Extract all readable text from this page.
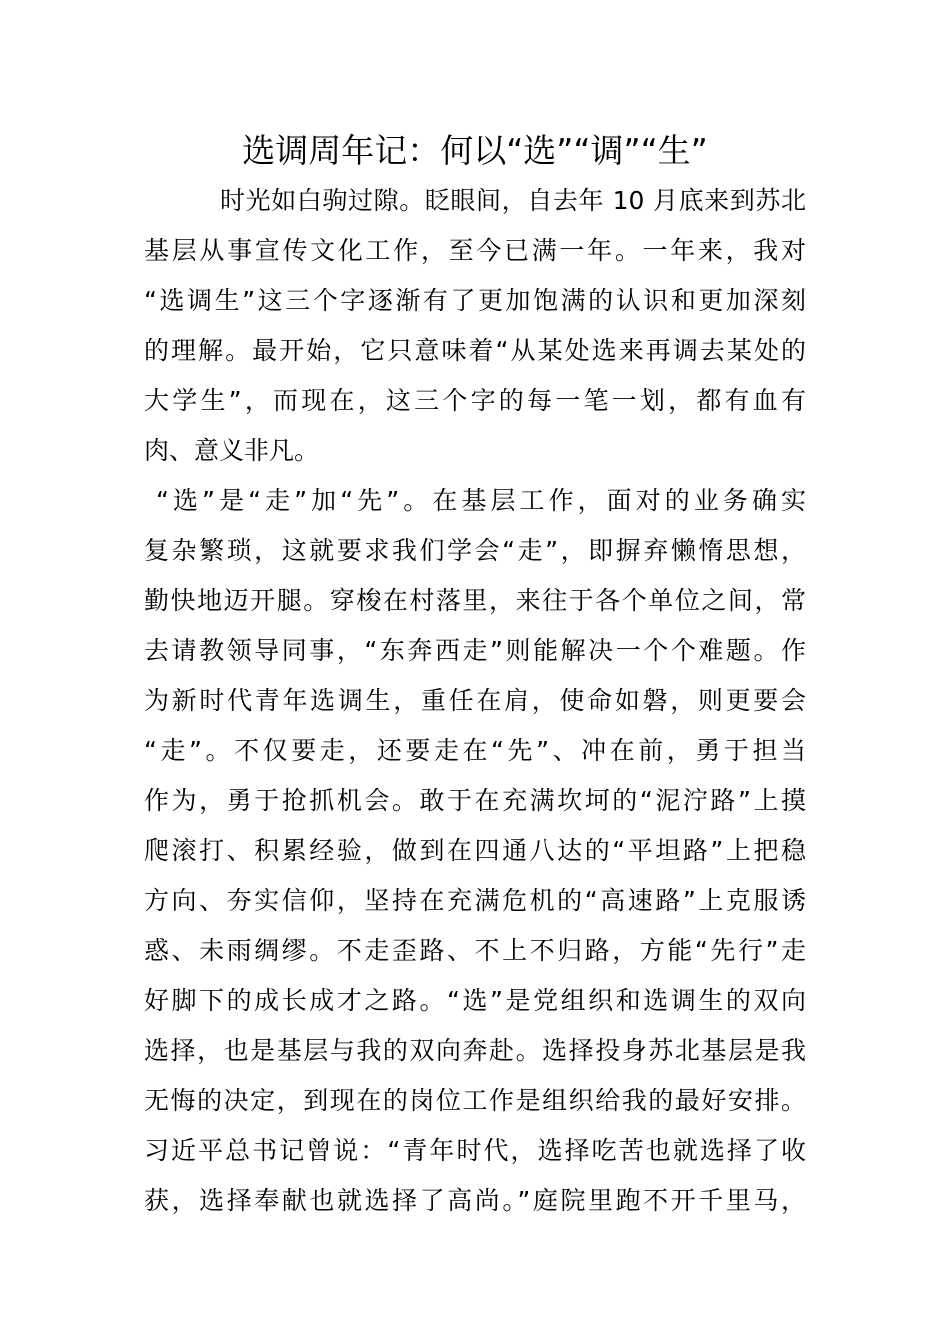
选调周年记：何以“选”“调”“生”
时光如白驹过隙。眨眼间，自去年 10 月底来到苏北
基层从事宣传文化工作，至今已满一年。一年来，我对
“选调生”这三个字逐渐有了更加饱满的认识和更加深刻
的理解。最开始，它只意味着“从某处选来再调去某处的
大学生”，而现在，这三个字的每一笔一划，都有血有
肉、意义非凡。
“选”是“走”加“先”。在基层工作，面对的业务确实
复杂繁琐，这就要求我们学会“走”，即摒弃懒惰思想，
勤快地迈开腿。穿梭在村落里，来往于各个单位之间，常
去请教领导同事，“东奔西走”则能解决一个个难题。作
为新时代青年选调生，重任在肩，使命如磐，则更要会
“走”。不仅要走，还要走在“先”、冲在前，勇于担当
作为，勇于抢抓机会。敢于在充满坎坷的“泥泞路”上摸
爬滚打、积累经验，做到在四通八达的“平坦路”上把稳
方向、夯实信仰，坚持在充满危机的“高速路”上克服诱
惑、未雨绸缪。不走歪路、不上不归路，方能“先行”走
好脚下的成长成才之路。“选”是党组织和选调生的双向
选择，也是基层与我的双向奔赴。选择投身苏北基层是我
无悔的决定，到现在的岗位工作是组织给我的最好安排。
习近平总书记曾说：“青年时代，选择吃苦也就选择了收
获，选择奉献也就选择了高尚。”庭院里跑不开千里马，
